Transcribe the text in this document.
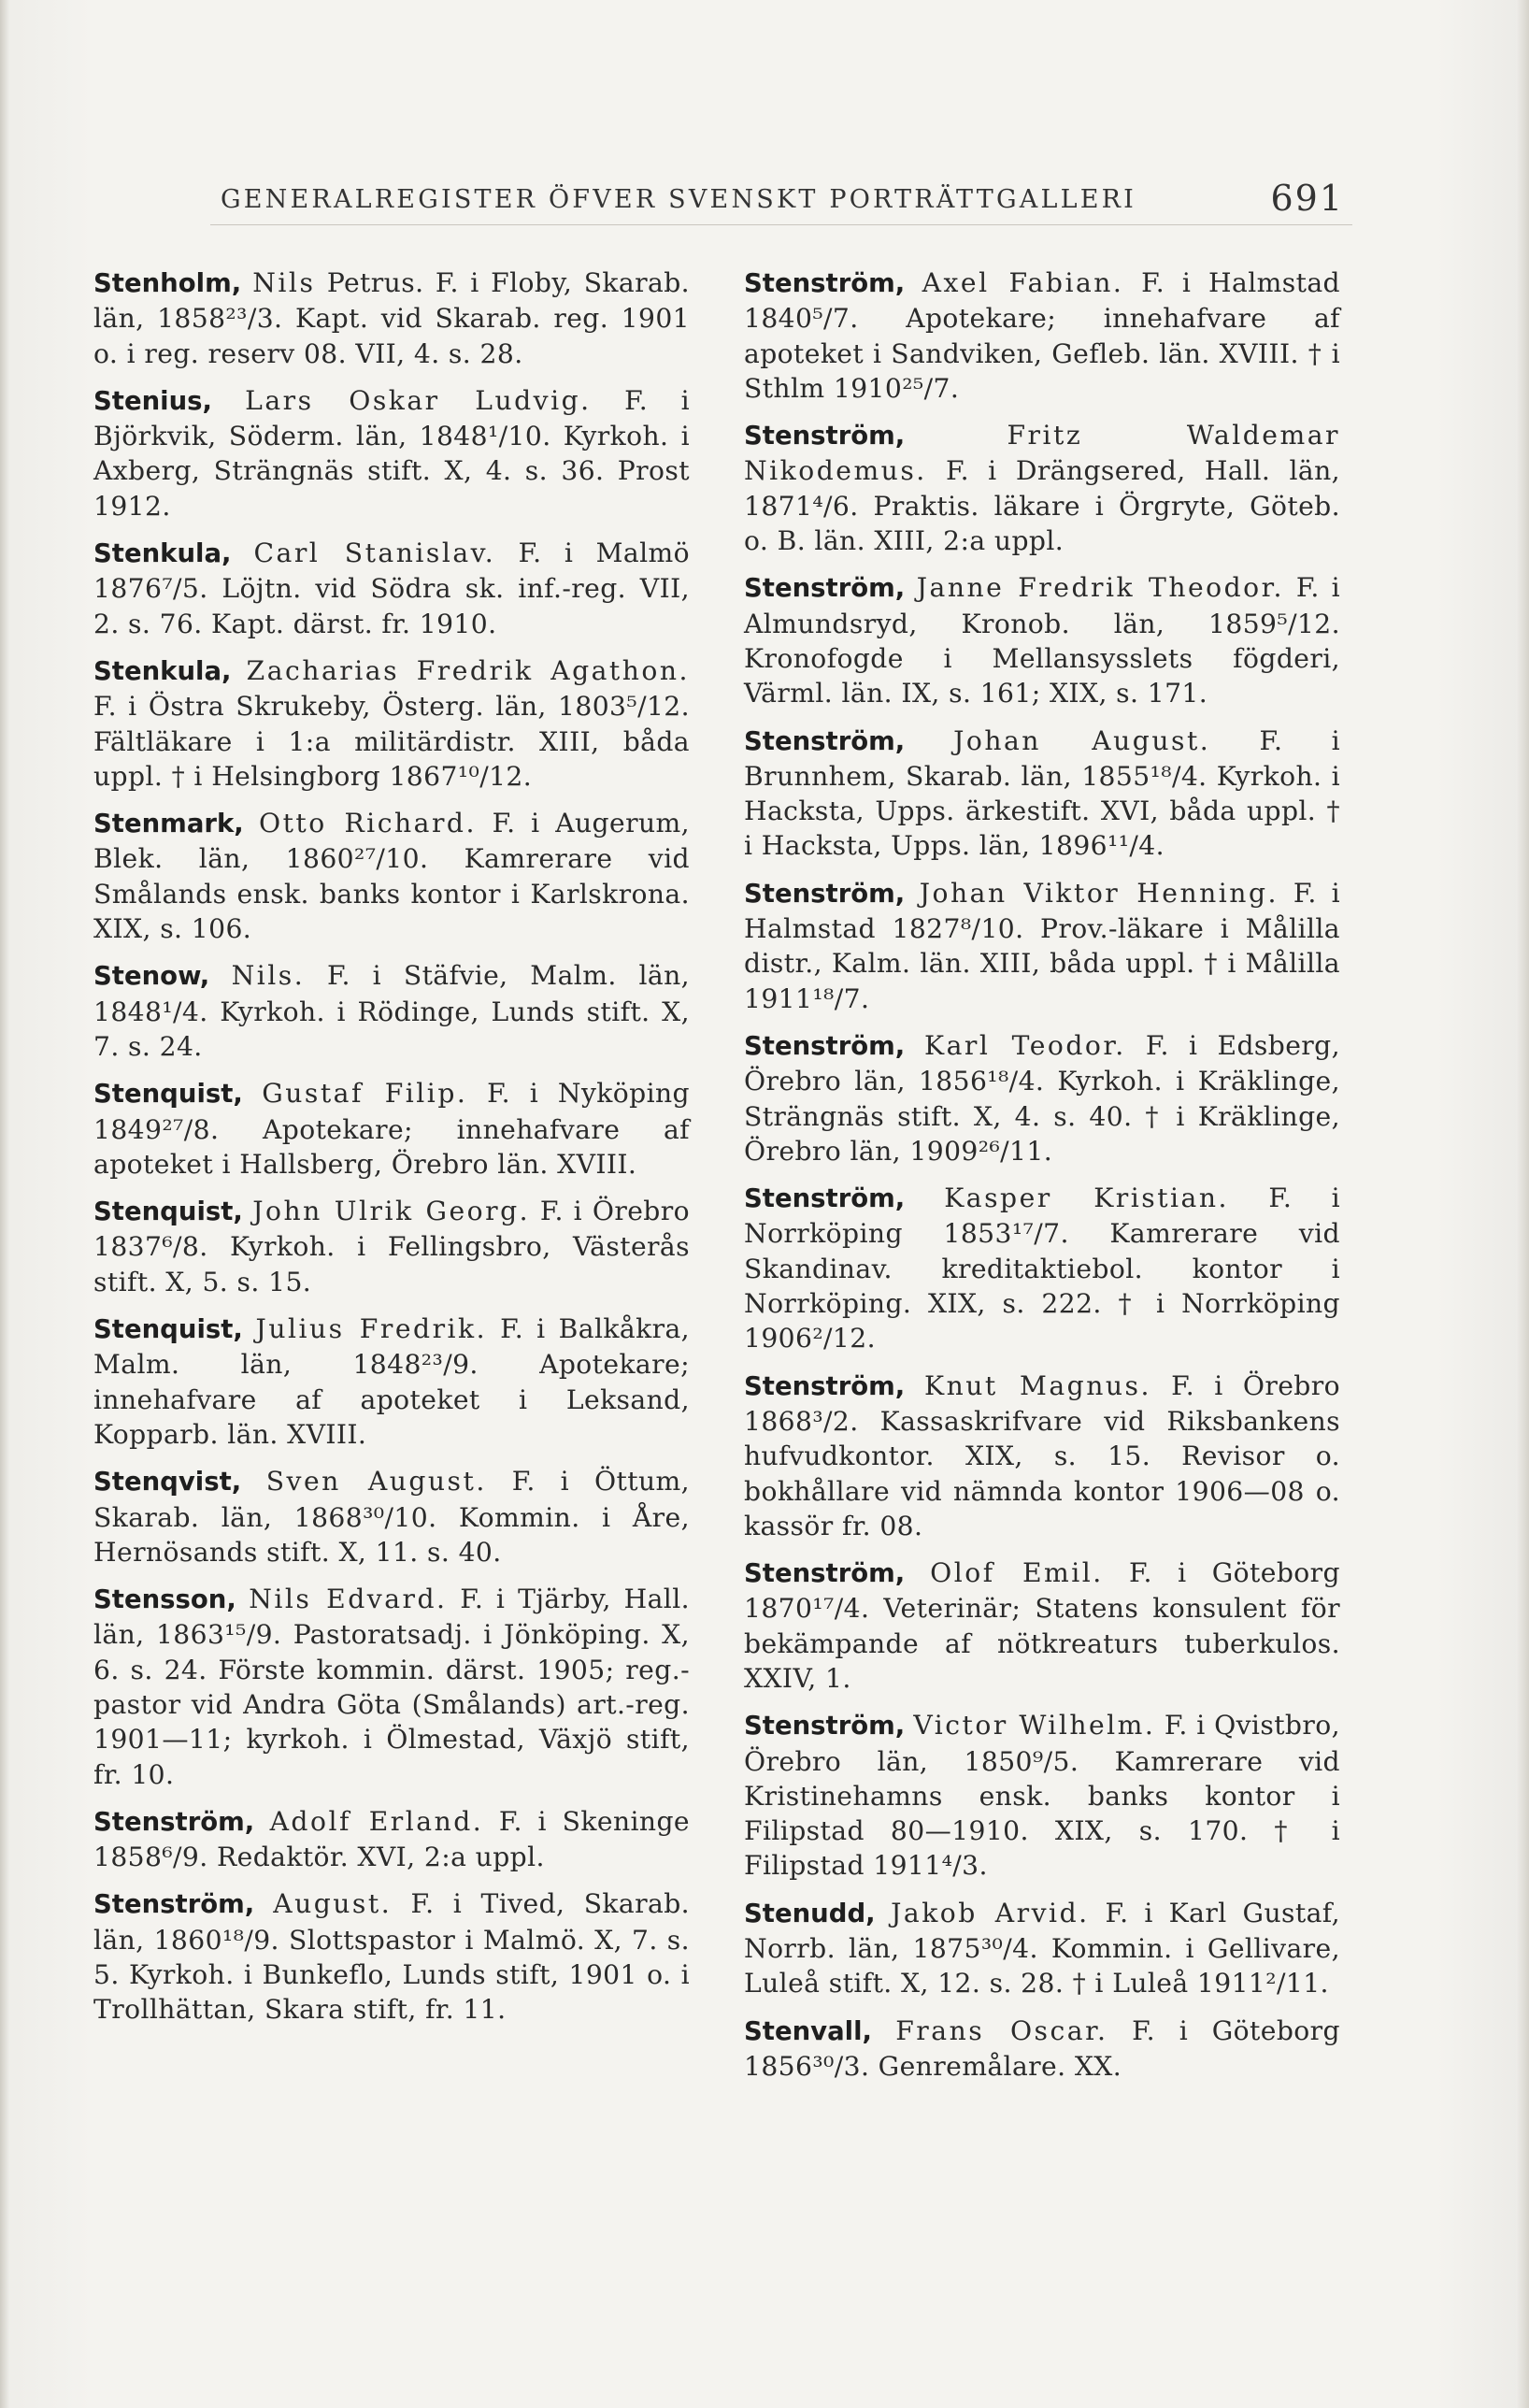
GENERALREGISTER ÖFVER SVENSKT PORTRÄTTGALLERI	691

Stenholm, Nils Petrus. F. i Floby, Skarab. län, 1858²³/3. Kapt. vid Skarab. reg. 1901 o. i reg. reserv 08. VII, 4. s. 28.

Stenius, Lars Oskar Ludvig. F. i Björkvik, Söderm. län, 1848¹/10. Kyrkoh. i Axberg, Strängnäs stift. X, 4. s. 36. Prost 1912.

Stenkula, Carl Stanislav. F. i Malmö 1876⁷/5. Löjtn. vid Södra sk. inf.-reg. VII, 2. s. 76. Kapt. därst. fr. 1910.

Stenkula, Zacharias Fredrik Agathon. F. i Östra Skrukeby, Österg. län, 1803⁵/12. Fältläkare i 1:a militärdistr. XIII, båda uppl. † i Helsingborg 1867¹⁰/12.

Stenmark, Otto Richard. F. i Augerum, Blek. län, 1860²⁷/10. Kamrerare vid Smålands ensk. banks kontor i Karlskrona. XIX, s. 106.

Stenow, Nils. F. i Stäfvie, Malm. län, 1848¹/4. Kyrkoh. i Rödinge, Lunds stift. X, 7. s. 24.

Stenquist, Gustaf Filip. F. i Nyköping 1849²⁷/8. Apotekare; innehafvare af apoteket i Hallsberg, Örebro län. XVIII.

Stenquist, John Ulrik Georg. F. i Örebro 1837⁶/8. Kyrkoh. i Fellingsbro, Västerås stift. X, 5. s. 15.

Stenquist, Julius Fredrik. F. i Balkåkra, Malm. län, 1848²³/9. Apotekare; innehafvare af apoteket i Leksand, Kopparb. län. XVIII.

Stenqvist, Sven August. F. i Öttum, Skarab. län, 1868³⁰/10. Kommin. i Åre, Hernösands stift. X, 11. s. 40.

Stensson, Nils Edvard. F. i Tjärby, Hall. län, 1863¹⁵/9. Pastoratsadj. i Jönköping. X, 6. s. 24. Förste kommin. därst. 1905; reg.-pastor vid Andra Göta (Smålands) art.-reg. 1901—11; kyrkoh. i Ölmestad, Växjö stift, fr. 10.

Stenström, Adolf Erland. F. i Skeninge 1858⁶/9. Redaktör. XVI, 2:a uppl.

Stenström, August. F. i Tived, Skarab. län, 1860¹⁸/9. Slottspastor i Malmö. X, 7. s. 5. Kyrkoh. i Bunkeflo, Lunds stift, 1901 o. i Trollhättan, Skara stift, fr. 11.

Stenström, Axel Fabian. F. i Halmstad 1840⁵/7. Apotekare; innehafvare af apoteket i Sandviken, Gefleb. län. XVIII. † i Sthlm 1910²⁵/7.

Stenström,	Fritz Waldemar Nikodemus. F. i Drängsered, Hall. län, 1871⁴/6. Praktis. läkare i Örgryte, Göteb. o. B. län. XIII, 2:a uppl.

Stenström, Janne Fredrik Theodor. F. i Almundsryd, Kronob. län, 1859⁵/12. Kronofogde i Mellansysslets fögderi, Värml. län. IX, s. 161; XIX, s. 171.

Stenström, Johan August. F. i Brunnhem, Skarab. län, 1855¹⁸/4. Kyrkoh. i Hacksta, Upps. ärkestift. XVI, båda uppl. † i Hacksta, Upps. län, 1896¹¹/4.

Stenström, Johan Viktor Henning. F. i Halmstad 1827⁸/10. Prov.-läkare i Målilla distr., Kalm. län. XIII, båda uppl. † i Målilla 1911¹⁸/7.

Stenström, Karl Teodor. F. i Edsberg, Örebro län, 1856¹⁸/4. Kyrkoh. i Kräklinge, Strängnäs stift. X, 4. s. 40. † i Kräklinge, Örebro län, 1909²⁶/11.

Stenström, Kasper Kristian. F. i Norrköping 1853¹⁷/7. Kamrerare vid Skandinav. kreditaktiebol. kontor i Norrköping. XIX, s. 222. † i Norrköping 1906²/12.

Stenström, Knut Magnus. F. i Örebro 1868³/2. Kassaskrifvare vid Riksbankens hufvudkontor. XIX, s. 15. Revisor o. bokhållare vid nämnda kontor 1906—08 o. kassör fr. 08.

Stenström, Olof Emil. F. i Göteborg 1870¹⁷/4. Veterinär; Statens konsulent för bekämpande af nötkreaturs tuberkulos. XXIV, 1.

Stenström, Victor Wilhelm. F. i Qvistbro, Örebro län, 1850⁹/5. Kamrerare vid Kristinehamns ensk. banks kontor i Filipstad 80—1910. XIX, s. 170. † i Filipstad 1911⁴/3.

Stenudd, Jakob Arvid. F. i Karl Gustaf, Norrb. län, 1875³⁰/4. Kommin. i Gellivare, Luleå stift. X, 12. s. 28. † i Luleå 1911²/11.

Stenvall, Frans Oscar. F. i Göteborg 1856³⁰/3. Genremålare. XX.
